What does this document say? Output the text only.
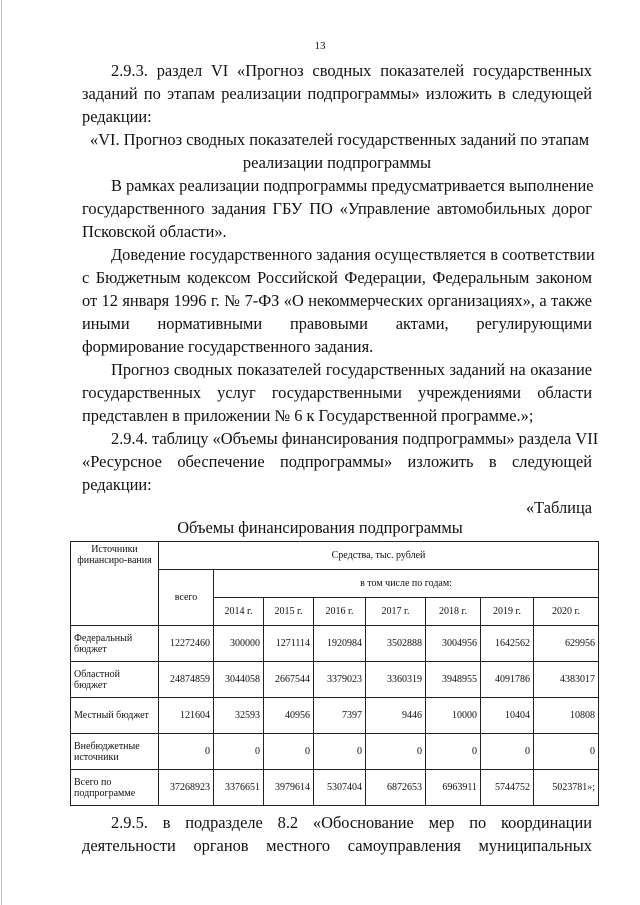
13
2.9.3. раздел VI «Прогноз сводных показателей государственных
заданий по этапам реализации подпрограммы» изложить в следующей
редакции:
«VI. Прогноз сводных показателей государственных заданий по этапам
реализации подпрограммы
В рамках реализации подпрограммы предусматривается выполнение
государственного задания ГБУ ПО «Управление автомобильных дорог
Псковской области».
Доведение государственного задания осуществляется в соответствии
с Бюджетным кодексом Российской Федерации, Федеральным законом
от 12 января 1996 г. № 7-ФЗ «О некоммерческих организациях», а также
иными нормативными правовыми актами, регулирующими
формирование государственного задания.
Прогноз сводных показателей государственных заданий на оказание
государственных услуг государственными учреждениями области
представлен в приложении № 6 к Государственной программе.»;
2.9.4. таблицу «Объемы финансирования подпрограммы» раздела VII
«Ресурсное обеспечение подпрограммы» изложить в следующей
редакции:
«Таблица
Объемы финансирования подпрограммы
Источники финансиро-вания	Средства, тыс. рублей							
	всего	в том числе по годам:						
		2014 г.	2015 г.	2016 г.	2017 г.	2018 г.	2019 г.	2020 г.
Федеральный бюджет	12272460	300000	1271114	1920984	3502888	3004956	1642562	629956
Областной бюджет	24874859	3044058	2667544	3379023	3360319	3948955	4091786	4383017
Местный бюджет	121604	32593	40956	7397	9446	10000	10404	10808
Внебюджетные источники	0	0	0	0	0	0	0	0
Всего по подпрограмме	37268923	3376651	3979614	5307404	6872653	6963911	5744752	5023781»;
2.9.5. в подразделе 8.2 «Обоснование мер по координации
деятельности органов местного самоуправления муниципальных
